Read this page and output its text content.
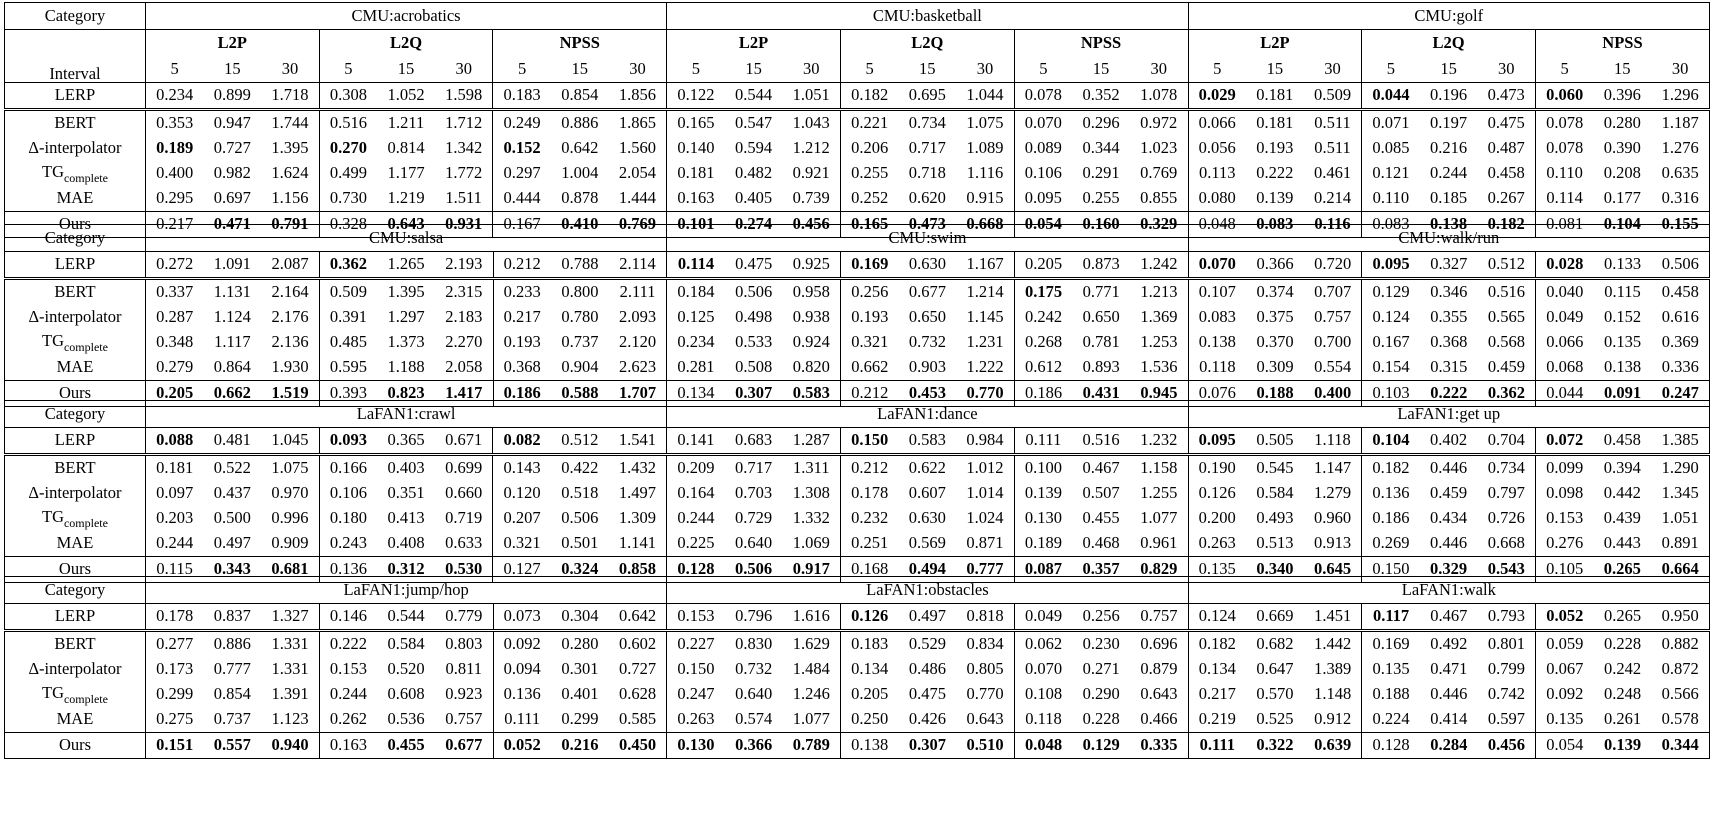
Category	CMU:acrobatics									CMU:basketball									CMU:golf								
Interval	L2P			L2Q			NPSS			L2P			L2Q			NPSS			L2P			L2Q			NPSS		
	5	15	30	5	15	30	5	15	30	5	15	30	5	15	30	5	15	30	5	15	30	5	15	30	5	15	30
LERP	0.234	0.899	1.718	0.308	1.052	1.598	0.183	0.854	1.856	0.122	0.544	1.051	0.182	0.695	1.044	0.078	0.352	1.078	0.029	0.181	0.509	0.044	0.196	0.473	0.060	0.396	1.296
BERT	0.353	0.947	1.744	0.516	1.211	1.712	0.249	0.886	1.865	0.165	0.547	1.043	0.221	0.734	1.075	0.070	0.296	0.972	0.066	0.181	0.511	0.071	0.197	0.475	0.078	0.280	1.187
Δ-interpolator	0.189	0.727	1.395	0.270	0.814	1.342	0.152	0.642	1.560	0.140	0.594	1.212	0.206	0.717	1.089	0.089	0.344	1.023	0.056	0.193	0.511	0.085	0.216	0.487	0.078	0.390	1.276
$TG_{complete}$	0.400	0.982	1.624	0.499	1.177	1.772	0.297	1.004	2.054	0.181	0.482	0.921	0.255	0.718	1.116	0.106	0.291	0.769	0.113	0.222	0.461	0.121	0.244	0.458	0.110	0.208	0.635
MAE	0.295	0.697	1.156	0.730	1.219	1.511	0.444	0.878	1.444	0.163	0.405	0.739	0.252	0.620	0.915	0.095	0.255	0.855	0.080	0.139	0.214	0.110	0.185	0.267	0.114	0.177	0.316
Ours	0.217	0.471	0.791	0.328	0.643	0.931	0.167	0.410	0.769	0.101	0.274	0.456	0.165	0.473	0.668	0.054	0.160	0.329	0.048	0.083	0.116	0.083	0.138	0.182	0.081	0.104	0.155
Category	CMU:salsa									CMU:swim									CMU:walk/run								
LERP	0.272	1.091	2.087	0.362	1.265	2.193	0.212	0.788	2.114	0.114	0.475	0.925	0.169	0.630	1.167	0.205	0.873	1.242	0.070	0.366	0.720	0.095	0.327	0.512	0.028	0.133	0.506
BERT	0.337	1.131	2.164	0.509	1.395	2.315	0.233	0.800	2.111	0.184	0.506	0.958	0.256	0.677	1.214	0.175	0.771	1.213	0.107	0.374	0.707	0.129	0.346	0.516	0.040	0.115	0.458
Δ-interpolator	0.287	1.124	2.176	0.391	1.297	2.183	0.217	0.780	2.093	0.125	0.498	0.938	0.193	0.650	1.145	0.242	0.650	1.369	0.083	0.375	0.757	0.124	0.355	0.565	0.049	0.152	0.616
$TG_{complete}$	0.348	1.117	2.136	0.485	1.373	2.270	0.193	0.737	2.120	0.234	0.533	0.924	0.321	0.732	1.231	0.268	0.781	1.253	0.138	0.370	0.700	0.167	0.368	0.568	0.066	0.135	0.369
MAE	0.279	0.864	1.930	0.595	1.188	2.058	0.368	0.904	2.623	0.281	0.508	0.820	0.662	0.903	1.222	0.612	0.893	1.536	0.118	0.309	0.554	0.154	0.315	0.459	0.068	0.138	0.336
Ours	0.205	0.662	1.519	0.393	0.823	1.417	0.186	0.588	1.707	0.134	0.307	0.583	0.212	0.453	0.770	0.186	0.431	0.945	0.076	0.188	0.400	0.103	0.222	0.362	0.044	0.091	0.247
Category	LaFAN1:crawl									LaFAN1:dance									LaFAN1:get up								
LERP	0.088	0.481	1.045	0.093	0.365	0.671	0.082	0.512	1.541	0.141	0.683	1.287	0.150	0.583	0.984	0.111	0.516	1.232	0.095	0.505	1.118	0.104	0.402	0.704	0.072	0.458	1.385
BERT	0.181	0.522	1.075	0.166	0.403	0.699	0.143	0.422	1.432	0.209	0.717	1.311	0.212	0.622	1.012	0.100	0.467	1.158	0.190	0.545	1.147	0.182	0.446	0.734	0.099	0.394	1.290
Δ-interpolator	0.097	0.437	0.970	0.106	0.351	0.660	0.120	0.518	1.497	0.164	0.703	1.308	0.178	0.607	1.014	0.139	0.507	1.255	0.126	0.584	1.279	0.136	0.459	0.797	0.098	0.442	1.345
$TG_{complete}$	0.203	0.500	0.996	0.180	0.413	0.719	0.207	0.506	1.309	0.244	0.729	1.332	0.232	0.630	1.024	0.130	0.455	1.077	0.200	0.493	0.960	0.186	0.434	0.726	0.153	0.439	1.051
MAE	0.244	0.497	0.909	0.243	0.408	0.633	0.321	0.501	1.141	0.225	0.640	1.069	0.251	0.569	0.871	0.189	0.468	0.961	0.263	0.513	0.913	0.269	0.446	0.668	0.276	0.443	0.891
Ours	0.115	0.343	0.681	0.136	0.312	0.530	0.127	0.324	0.858	0.128	0.506	0.917	0.168	0.494	0.777	0.087	0.357	0.829	0.135	0.340	0.645	0.150	0.329	0.543	0.105	0.265	0.664
Category	LaFAN1:jump/hop									LaFAN1:obstacles									LaFAN1:walk								
LERP	0.178	0.837	1.327	0.146	0.544	0.779	0.073	0.304	0.642	0.153	0.796	1.616	0.126	0.497	0.818	0.049	0.256	0.757	0.124	0.669	1.451	0.117	0.467	0.793	0.052	0.265	0.950
BERT	0.277	0.886	1.331	0.222	0.584	0.803	0.092	0.280	0.602	0.227	0.830	1.629	0.183	0.529	0.834	0.062	0.230	0.696	0.182	0.682	1.442	0.169	0.492	0.801	0.059	0.228	0.882
Δ-interpolator	0.173	0.777	1.331	0.153	0.520	0.811	0.094	0.301	0.727	0.150	0.732	1.484	0.134	0.486	0.805	0.070	0.271	0.879	0.134	0.647	1.389	0.135	0.471	0.799	0.067	0.242	0.872
$TG_{complete}$	0.299	0.854	1.391	0.244	0.608	0.923	0.136	0.401	0.628	0.247	0.640	1.246	0.205	0.475	0.770	0.108	0.290	0.643	0.217	0.570	1.148	0.188	0.446	0.742	0.092	0.248	0.566
MAE	0.275	0.737	1.123	0.262	0.536	0.757	0.111	0.299	0.585	0.263	0.574	1.077	0.250	0.426	0.643	0.118	0.228	0.466	0.219	0.525	0.912	0.224	0.414	0.597	0.135	0.261	0.578
Ours	0.151	0.557	0.940	0.163	0.455	0.677	0.052	0.216	0.450	0.130	0.366	0.789	0.138	0.307	0.510	0.048	0.129	0.335	0.111	0.322	0.639	0.128	0.284	0.456	0.054	0.139	0.344
